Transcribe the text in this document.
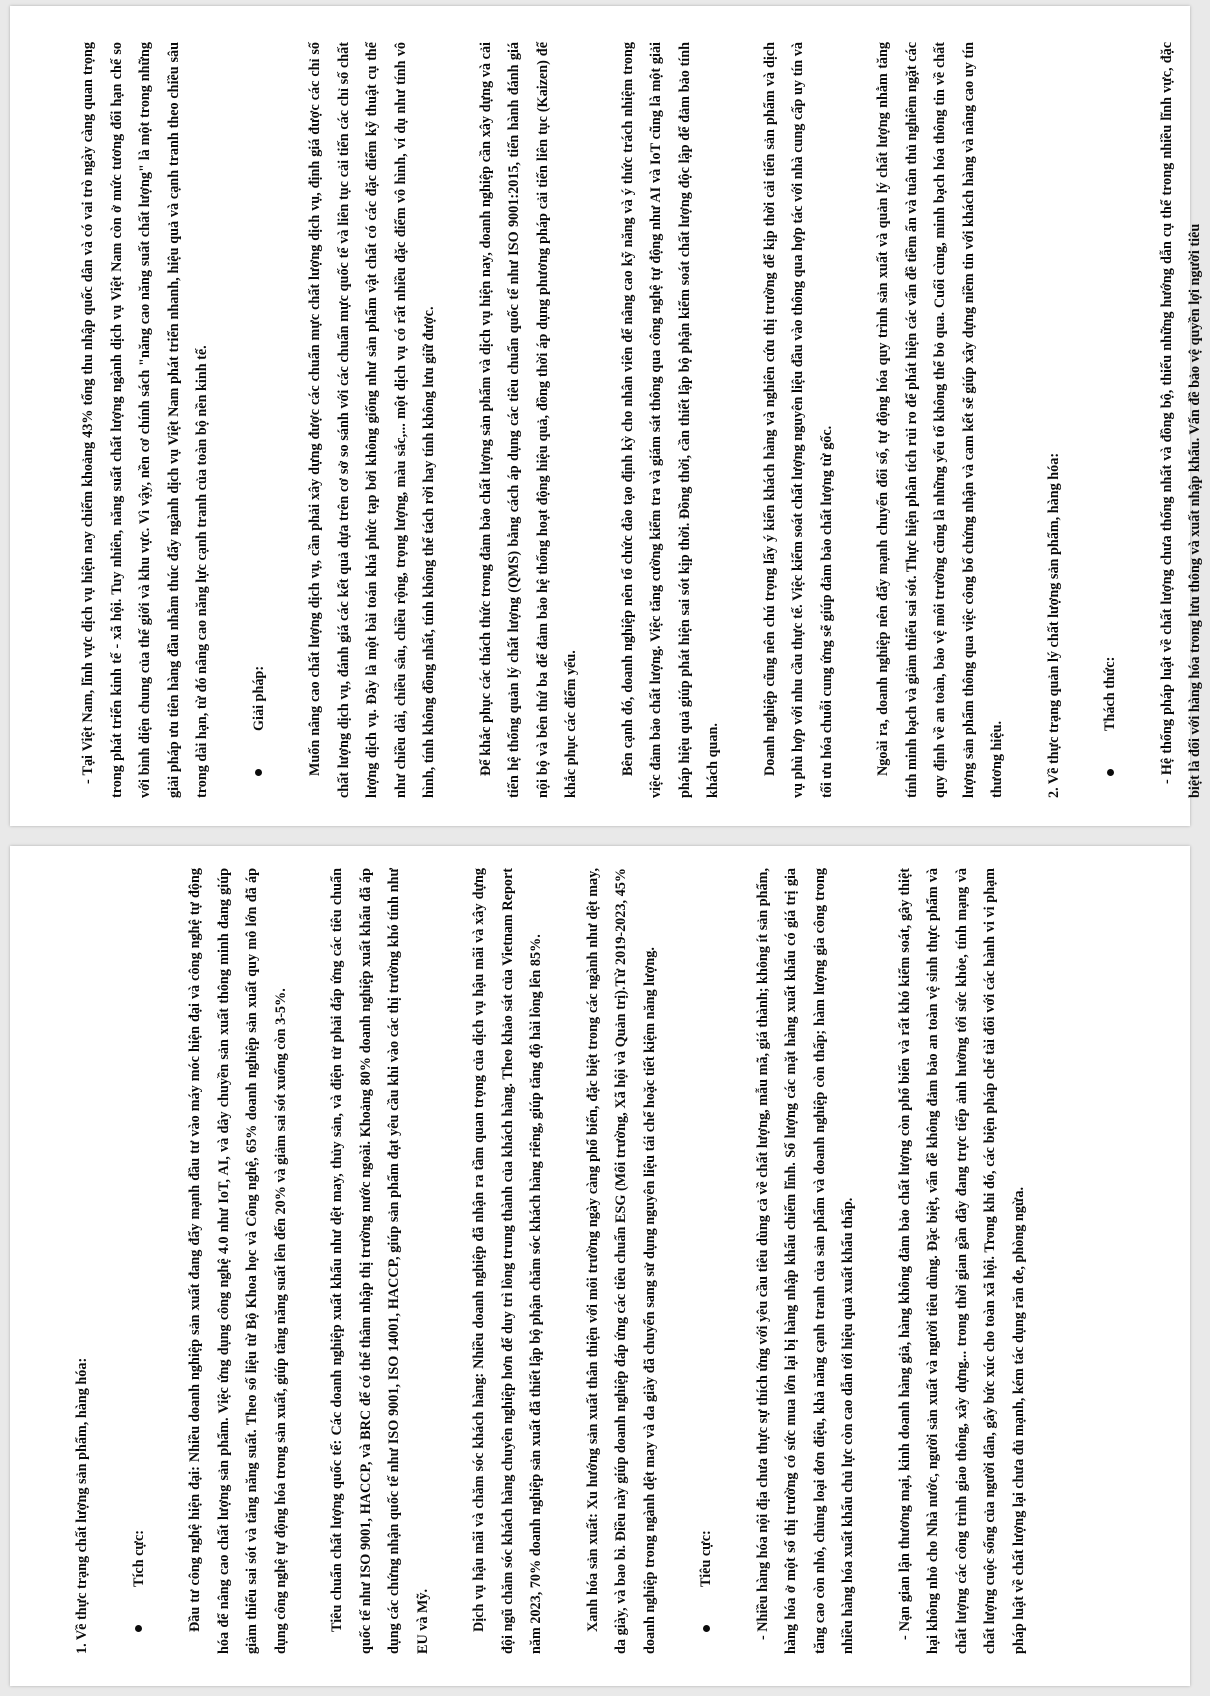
- Tại Việt Nam, lĩnh vực dịch vụ hiện nay chiếm khoảng 43% tổng thu nhập quốc dân và có vai trò ngày càng quan trọng trong phát triển kinh tế - xã hội. Tuy nhiên, năng suất chất lượng ngành dịch vụ Việt Nam còn ở mức tương đối hạn chế so với bình diện chung của thế giới và khu vực. Vì vậy, nền cơ chính sách "năng cao năng suất chất lượng" là một trong những giải pháp ưu tiên hàng đầu nhằm thúc đẩy ngành dịch vụ Việt Nam phát triển nhanh, hiệu quả và cạnh tranh theo chiều sâu trong dài hạn, từ đó nâng cao năng lực cạnh tranh của toàn bộ nền kinh tế.	Giải pháp:	Muốn nâng cao chất lượng dịch vụ, cần phải xây dựng được các chuẩn mực chất lượng dịch vụ, định giá được các chỉ số chất lượng dịch vụ, đánh giá các kết quả dựa trên cơ sở so sánh với các chuẩn mực quốc tế và liên tục cải tiến các chỉ số chất lượng dịch vụ. Đây là một bài toán khá phức tạp bởi không giống như sản phẩm vật chất có các đặc điểm kỹ thuật cụ thể như chiều dài, chiều sâu, chiều rộng, trọng lượng, màu sắc,... một dịch vụ có rất nhiều đặc điểm vô hình, ví dụ như tính vô hình, tính không đồng nhất, tính không thể tách rời hay tính không lưu giữ được.	Để khắc phục các thách thức trong đảm bảo chất lượng sản phẩm và dịch vụ hiện nay, doanh nghiệp cần xây dựng và cải tiến hệ thống quản lý chất lượng (QMS) bằng cách áp dụng các tiêu chuẩn quốc tế như ISO 9001:2015, tiến hành đánh giá nội bộ và bên thứ ba để đảm bảo hệ thống hoạt động hiệu quả, đồng thời áp dụng phương pháp cải tiến liên tục (Kaizen) để khắc phục các điểm yếu.	Bên cạnh đó, doanh nghiệp nên tổ chức đào tạo định kỳ cho nhân viên để nâng cao kỹ năng và ý thức trách nhiệm trong việc đảm bảo chất lượng. Việc tăng cường kiểm tra và giám sát thông qua công nghệ tự động như AI và IoT cũng là một giải pháp hiệu quả giúp phát hiện sai sót kịp thời. Đồng thời, cần thiết lập bộ phận kiểm soát chất lượng độc lập để đảm bảo tính khách quan.	Doanh nghiệp cũng nên chú trọng lấy ý kiến khách hàng và nghiên cứu thị trường để kịp thời cải tiến sản phẩm và dịch vụ phù hợp với nhu cầu thực tế. Việc kiểm soát chất lượng nguyên liệu đầu vào thông qua hợp tác với nhà cung cấp uy tín và tối ưu hóa chuỗi cung ứng sẽ giúp đảm bảo chất lượng từ gốc.	Ngoài ra, doanh nghiệp nên đẩy mạnh chuyển đổi số, tự động hóa quy trình sản xuất và quản lý chất lượng nhằm tăng tính minh bạch và giảm thiểu sai sót. Thực hiện phân tích rủi ro để phát hiện các vấn đề tiềm ẩn và tuân thủ nghiêm ngặt các quy định về an toàn, bảo vệ môi trường cũng là những yếu tố không thể bỏ qua. Cuối cùng, minh bạch hóa thông tin về chất lượng sản phẩm thông qua việc công bố chứng nhận và cam kết sẽ giúp xây dựng niềm tin với khách hàng và nâng cao uy tín thương hiệu.	2. Về thực trạng quản lý chất lượng sản phẩm, hàng hóa:	Thách thức:	- Hệ thống pháp luật về chất lượng chưa thống nhất và đồng bộ, thiếu những hướng dẫn cụ thể trong nhiều lĩnh vực, đặc biệt là đối với hàng hóa trong lưu thông và xuất nhập khẩu. Vấn đề bảo vệ quyền lợi người tiêu

1. Về thực trạng chất lượng sản phẩm, hàng hóa:	Tích cực:	Đầu tư công nghệ hiện đại: Nhiều doanh nghiệp sản xuất đang đẩy mạnh đầu tư vào máy móc hiện đại và công nghệ tự động hóa để nâng cao chất lượng sản phẩm. Việc ứng dụng công nghệ 4.0 như IoT, AI, và dây chuyền sản xuất thông minh đang giúp giảm thiểu sai sót và tăng năng suất. Theo số liệu từ Bộ Khoa học và Công nghệ, 65% doanh nghiệp sản xuất quy mô lớn đã áp dụng công nghệ tự động hóa trong sản xuất, giúp tăng năng suất lên đến 20% và giảm sai sót xuống còn 3-5%.	Tiêu chuẩn chất lượng quốc tế: Các doanh nghiệp xuất khẩu như dệt may, thủy sản, và điện tử phải đáp ứng các tiêu chuẩn quốc tế như ISO 9001, HACCP, và BRC để có thể thâm nhập thị trường nước ngoài. Khoảng 80% doanh nghiệp xuất khẩu đã áp dụng các chứng nhận quốc tế như ISO 9001, ISO 14001, HACCP, giúp sản phẩm đạt yêu cầu khi vào các thị trường khó tính như EU và Mỹ.	Dịch vụ hậu mãi và chăm sóc khách hàng: Nhiều doanh nghiệp đã nhận ra tầm quan trọng của dịch vụ hậu mãi và xây dựng đội ngũ chăm sóc khách hàng chuyên nghiệp hơn để duy trì lòng trung thành của khách hàng. Theo khảo sát của Vietnam Report năm 2023, 70% doanh nghiệp sản xuất đã thiết lập bộ phận chăm sóc khách hàng riêng, giúp tăng độ hài lòng lên 85%.	Xanh hóa sản xuất: Xu hướng sản xuất thân thiện với môi trường ngày càng phổ biến, đặc biệt trong các ngành như dệt may, da giày, và bao bì. Điều này giúp doanh nghiệp đáp ứng các tiêu chuẩn ESG (Môi trường, Xã hội và Quản trị).Từ 2019-2023, 45% doanh nghiệp trong ngành dệt may và da giày đã chuyển sang sử dụng nguyên liệu tái chế hoặc tiết kiệm năng lượng.	Tiêu cực:	- Nhiều hàng hóa nội địa chưa thực sự thích ứng với yêu cầu tiêu dùng cả về chất lượng, mẫu mã, giá thành; không ít sản phẩm, hàng hóa ở một số thị trường có sức mua lớn lại bị hàng nhập khẩu chiếm lĩnh. Số lượng các mặt hàng xuất khẩu có giá trị gia tăng cao còn nhỏ, chủng loại đơn điệu, khả năng cạnh tranh của sản phẩm và doanh nghiệp còn thấp; hàm lượng gia công trong nhiều hàng hóa xuất khẩu chủ lực còn cao dẫn tới hiệu quả xuất khẩu thấp.	- Nạn gian lận thương mại, kinh doanh hàng giả, hàng không đảm bảo chất lượng còn phổ biến và rất khó kiểm soát, gây thiệt hại không nhỏ cho Nhà nước, người sản xuất và người tiêu dùng. Đặc biệt, vấn đề không đảm bảo an toàn vệ sinh thực phẩm và chất lượng các công trình giao thông, xây dựng... trong thời gian gần đây đang trực tiếp ảnh hưởng tới sức khỏe, tính mạng và chất lượng cuộc sống của người dân, gây bức xúc cho toàn xã hội. Trong khi đó, các biện pháp chế tài đối với các hành vi vi phạm pháp luật về chất lượng lại chưa đủ mạnh, kém tác dụng răn đe, phòng ngừa.
